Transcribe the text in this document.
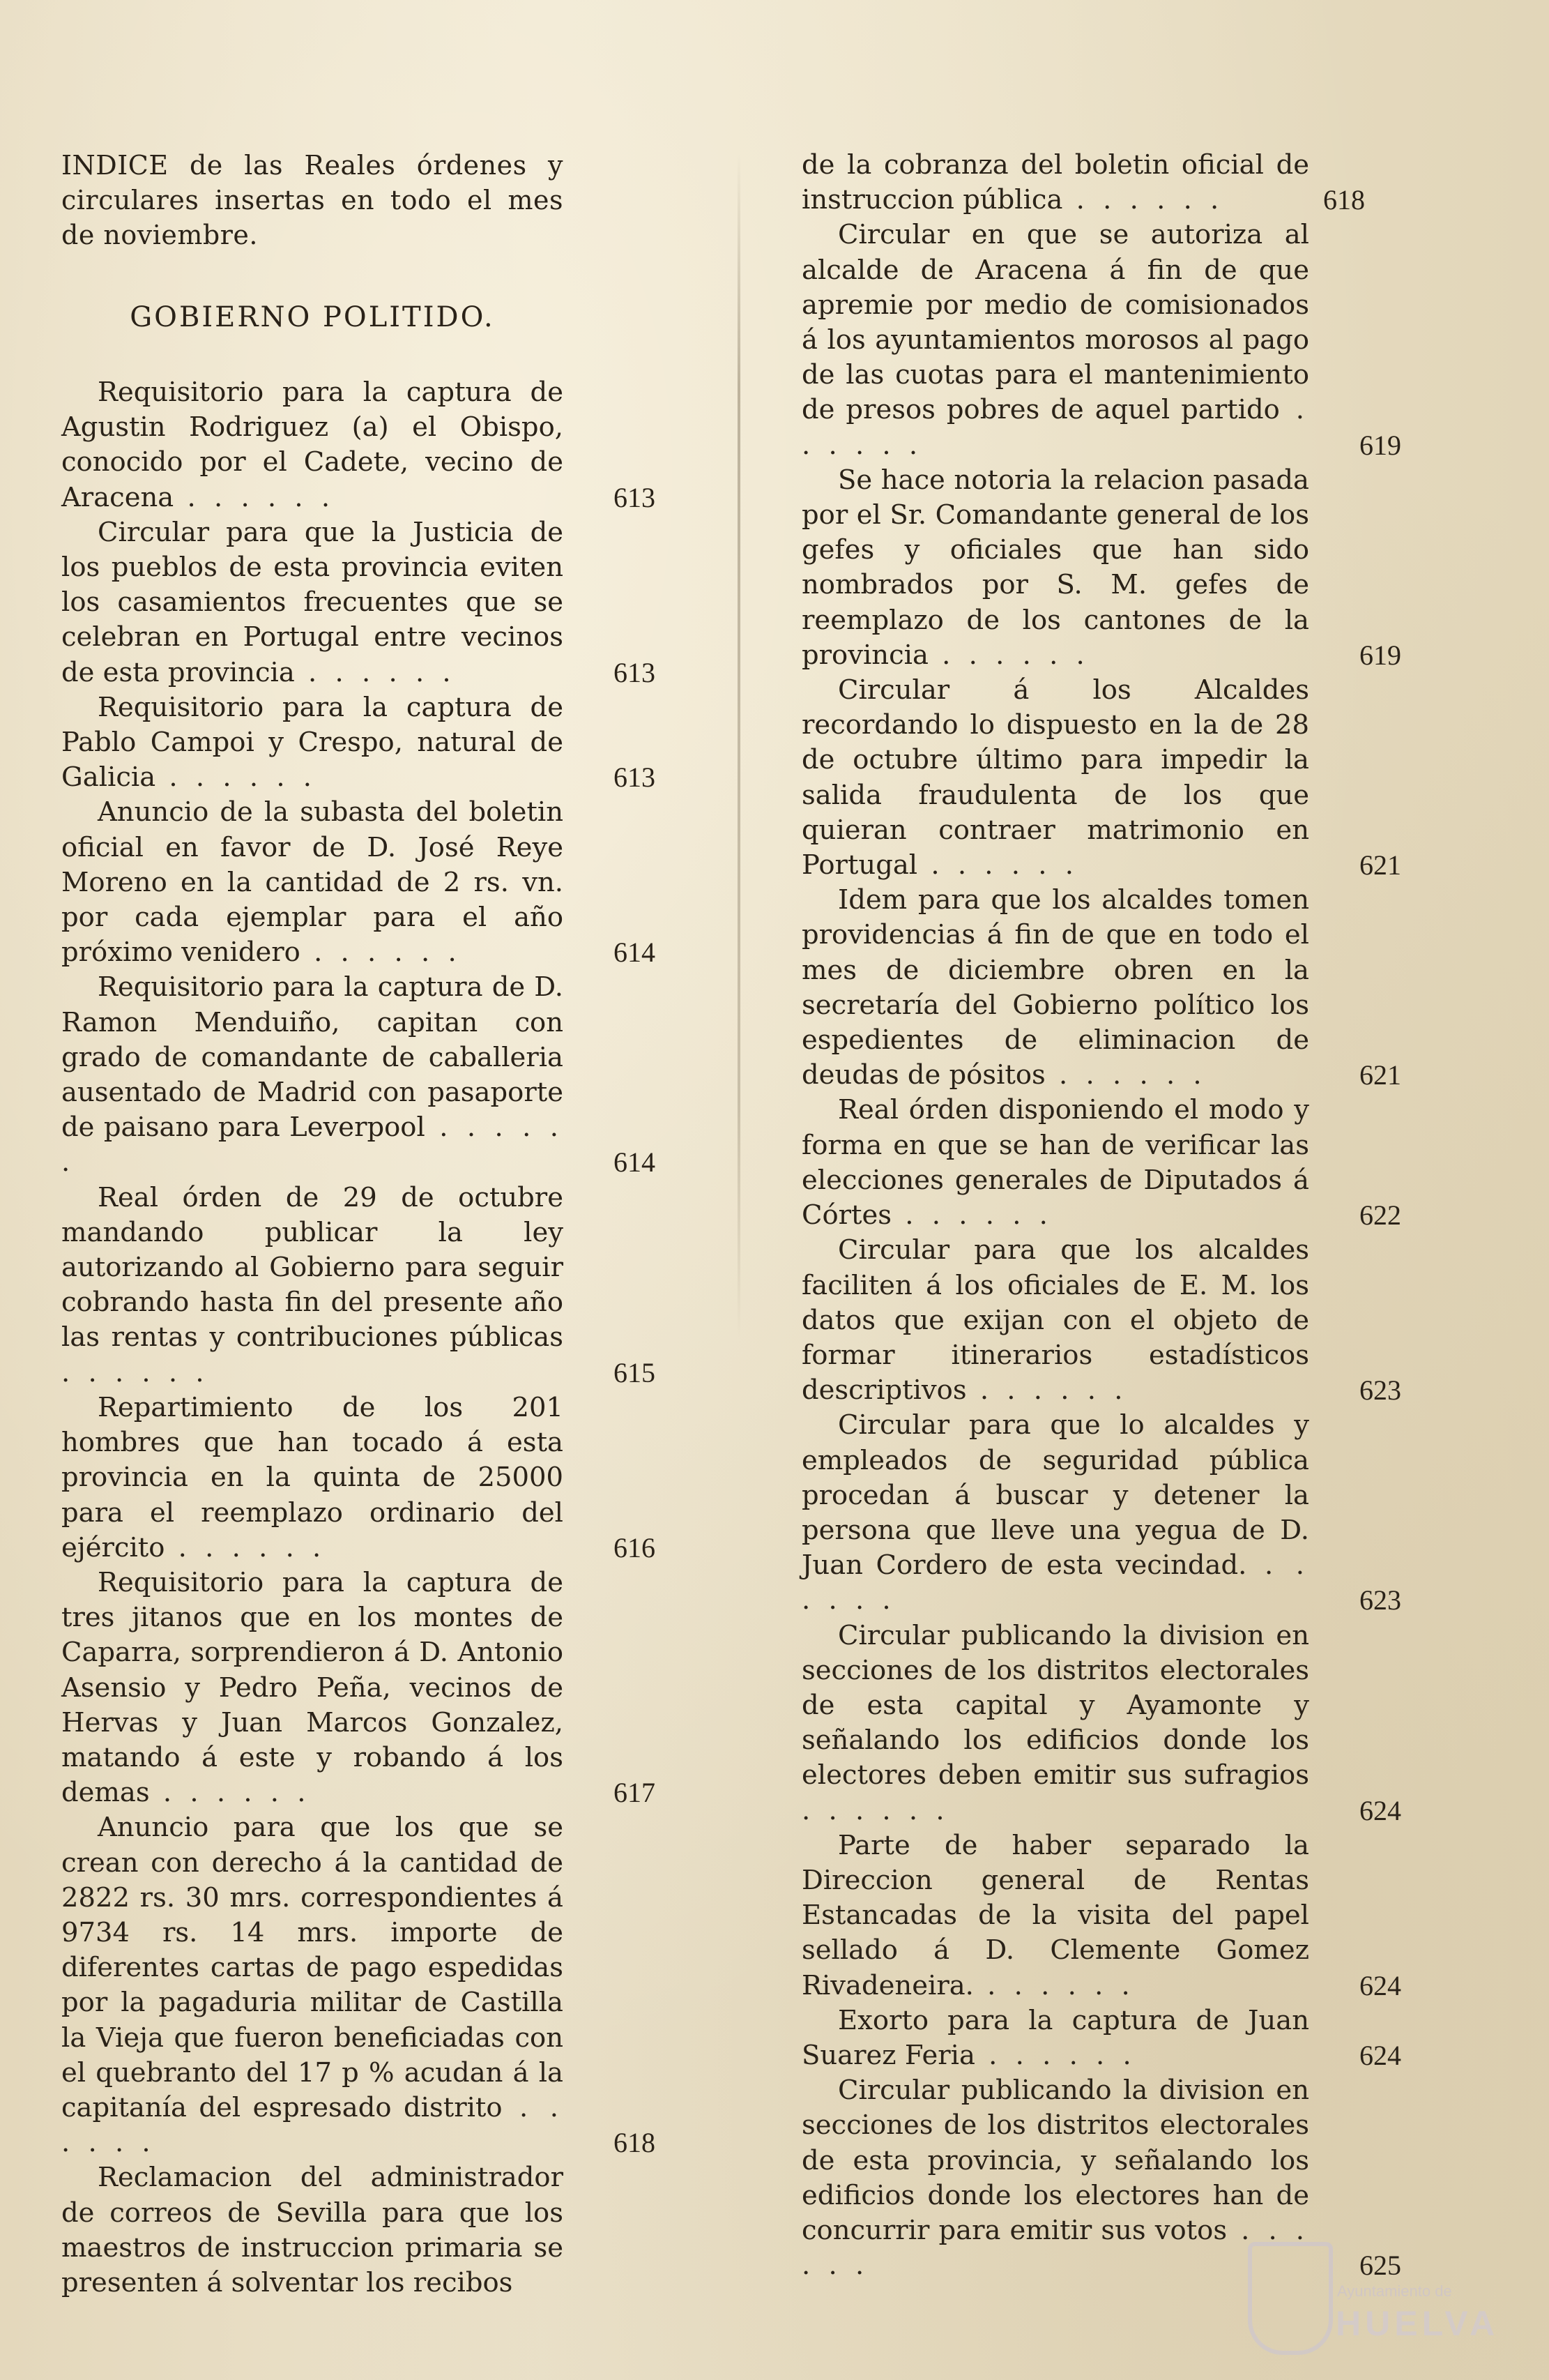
INDICE de las Reales órdenes y circulares insertas en todo el mes de noviembre.
GOBIERNO POLITIDO.
Requisitorio para la captura de Agustin Rodriguez (a) el Obispo, conocido por el Cadete, vecino de Aracena . . . . . .	613
Circular para que la Justicia de los pueblos de esta provincia eviten los casamientos frecuentes que se celebran en Portugal entre vecinos de esta provincia . . . . . .	613
Requisitorio para la captura de Pablo Campoi y Crespo, natural de Galicia . . . . . .	613
Anuncio de la subasta del boletin oficial en favor de D. José Reye Moreno en la cantidad de 2 rs. vn. por cada ejemplar para el año próximo venidero . . . . . .	614
Requisitorio para la captura de D. Ramon Menduiño, capitan con grado de comandante de caballeria ausentado de Madrid con pasaporte de paisano para Leverpool . . . . . .	614
Real órden de 29 de octubre mandando publicar la ley autorizando al Gobierno para seguir cobrando hasta fin del presente año las rentas y contribuciones públicas . . . . . .	615
Repartimiento de los 201 hombres que han tocado á esta provincia en la quinta de 25000 para el reemplazo ordinario del ejército . . . . . .	616
Requisitorio para la captura de tres jitanos que en los montes de Caparra, sorprendieron á D. Antonio Asensio y Pedro Peña, vecinos de Hervas y Juan Marcos Gonzalez, matando á este y robando á los demas . . . . . .	617
Anuncio para que los que se crean con derecho á la cantidad de 2822 rs. 30 mrs. correspondientes á 9734 rs. 14 mrs. importe de diferentes cartas de pago espedidas por la pagaduria militar de Castilla la Vieja que fueron beneficiadas con el quebranto del 17 p % acudan á la capitanía del espresado distrito . . . . . .	618
Reclamacion del administrador de correos de Sevilla para que los maestros de instruccion primaria se presenten á solventar los recibos
de la cobranza del boletin oficial de instruccion pública . . . . . .	618
Circular en que se autoriza al alcalde de Aracena á fin de que apremie por medio de comisionados á los ayuntamientos morosos al pago de las cuotas para el mantenimiento de presos pobres de aquel partido . . . . . .	619
Se hace notoria la relacion pasada por el Sr. Comandante general de los gefes y oficiales que han sido nombrados por S. M. gefes de reemplazo de los cantones de la provincia . . . . . .	619
Circular á los Alcaldes recordando lo dispuesto en la de 28 de octubre último para impedir la salida fraudulenta de los que quieran contraer matrimonio en Portugal . . . . . .	621
Idem para que los alcaldes tomen providencias á fin de que en todo el mes de diciembre obren en la secretaría del Gobierno político los espedientes de eliminacion de deudas de pósitos . . . . . .	621
Real órden disponiendo el modo y forma en que se han de verificar las elecciones generales de Diputados á Córtes . . . . . .	622
Circular para que los alcaldes faciliten á los oficiales de E. M. los datos que exijan con el objeto de formar itinerarios estadísticos descriptivos . . . . . .	623
Circular para que lo alcaldes y empleados de seguridad pública procedan á buscar y detener la persona que lleve una yegua de D. Juan Cordero de esta vecindad. . . . . . .	623
Circular publicando la division en secciones de los distritos electorales de esta capital y Ayamonte y señalando los edificios donde los electores deben emitir sus sufragios . . . . . .	624
Parte de haber separado la Direccion general de Rentas Estancadas de la visita del papel sellado á D. Clemente Gomez Rivadeneira. . . . . . .	624
Exorto para la captura de Juan Suarez Feria . . . . . .	624
Circular publicando la division en secciones de los distritos electorales de esta provincia, y señalando los edificios donde los electores han de concurrir para emitir sus votos . . . . . .	625
Ayuntamiento de
HUELVA
